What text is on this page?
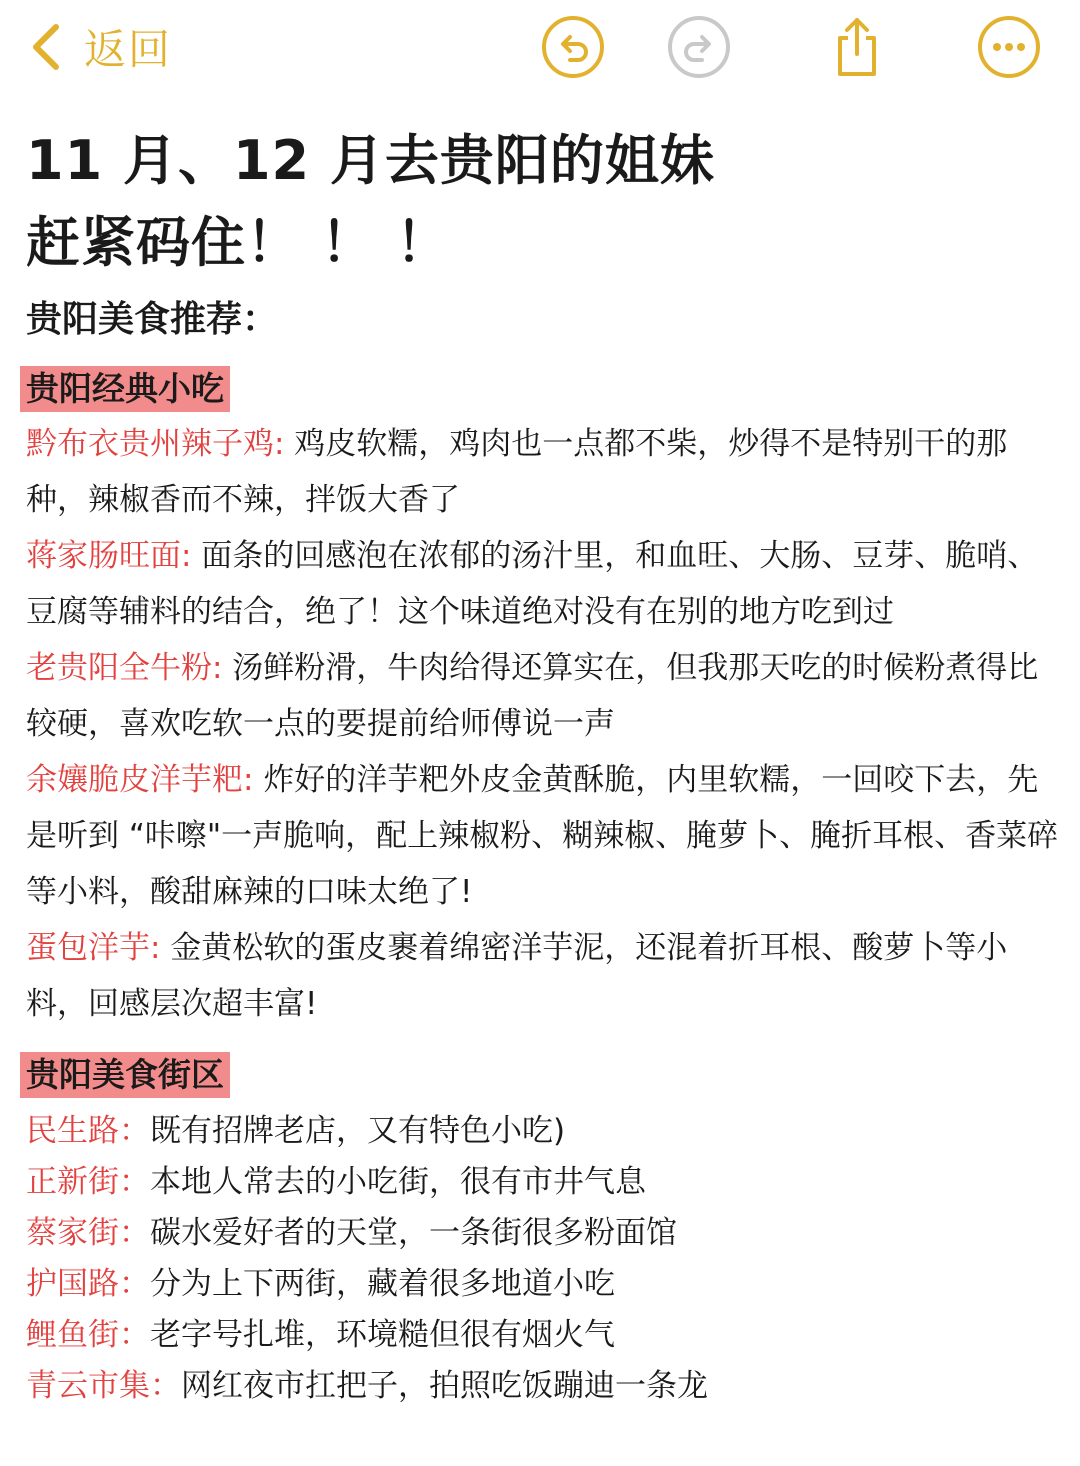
返回
11 月、12 月去贵阳的姐妹
赶紧码住！ ！ ！
贵阳美食推荐：
贵阳经典小吃
黔布衣贵州辣子鸡: 鸡皮软糯，鸡肉也一点都不柴，炒得不是特别干的那种，辣椒香而不辣，拌饭大香了
蒋家肠旺面: 面条的回感泡在浓郁的汤汁里，和血旺、大肠、豆芽、脆哨、豆腐等辅料的结合，绝了！这个味道绝对没有在别的地方吃到过
老贵阳全牛粉: 汤鲜粉滑，牛肉给得还算实在，但我那天吃的时候粉煮得比较硬，喜欢吃软一点的要提前给师傅说一声
余孃脆皮洋芋粑: 炸好的洋芋粑外皮金黄酥脆，内里软糯，一回咬下去，先是听到 “咔嚓"一声脆响，配上辣椒粉、糊辣椒、腌萝卜、腌折耳根、香菜碎等小料，酸甜麻辣的口味太绝了!
蛋包洋芋: 金黄松软的蛋皮裹着绵密洋芋泥，还混着折耳根、酸萝卜等小料，回感层次超丰富!
贵阳美食街区
民生路：既有招牌老店，又有特色小吃)
正新街：本地人常去的小吃街，很有市井气息
蔡家街：碳水爱好者的天堂，一条街很多粉面馆
护国路：分为上下两街，藏着很多地道小吃
鲤鱼街：老字号扎堆，环境糙但很有烟火气
青云市集：网红夜市扛把子，拍照吃饭蹦迪一条龙
